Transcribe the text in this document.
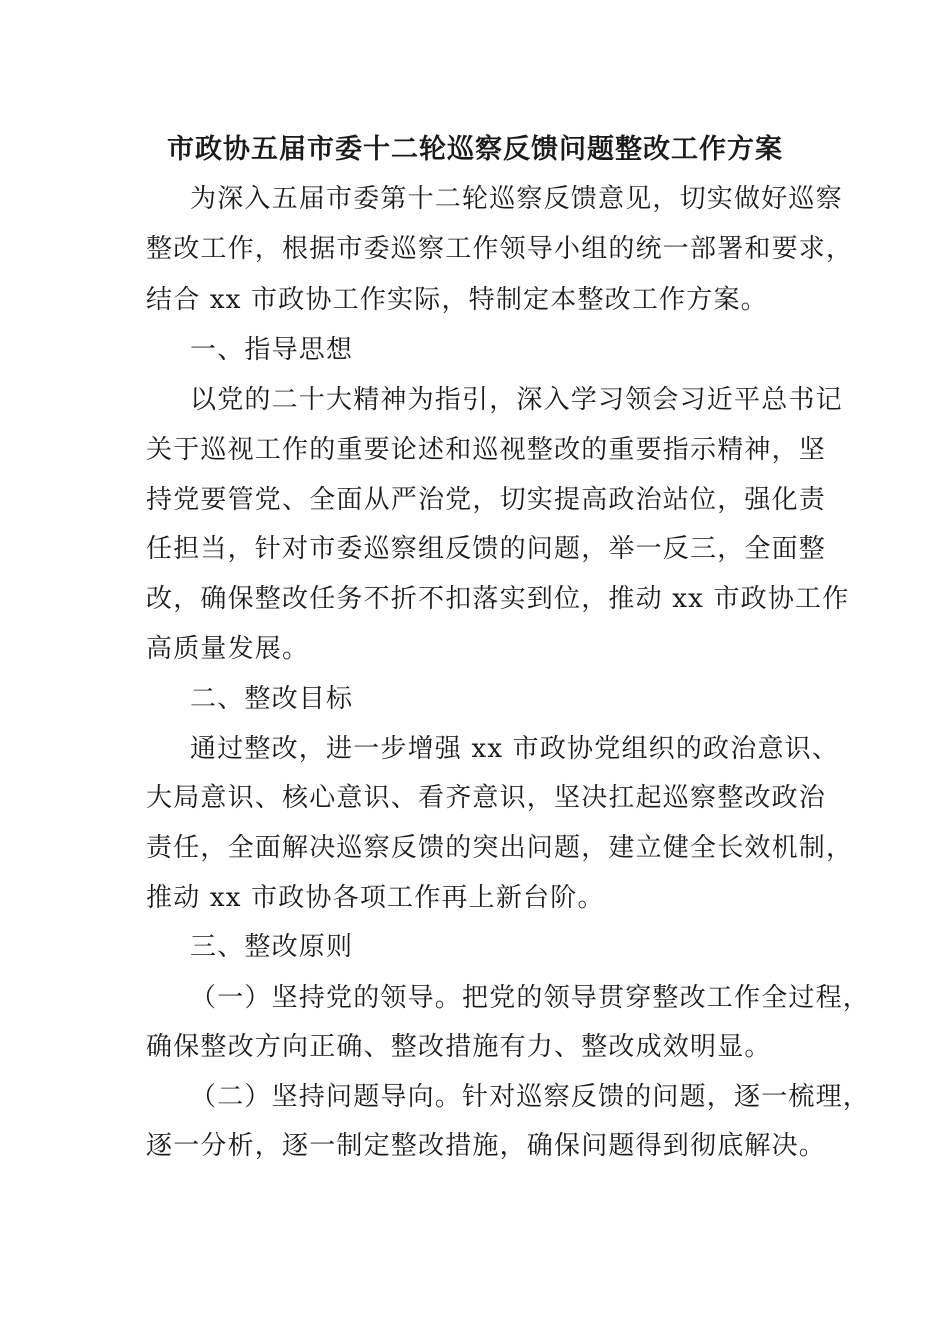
市政协五届市委十二轮巡察反馈问题整改工作方案
为深入五届市委第十二轮巡察反馈意见，切实做好巡察
整改工作，根据市委巡察工作领导小组的统一部署和要求，
结合 xx 市政协工作实际，特制定本整改工作方案。
一、指导思想
以党的二十大精神为指引，深入学习领会习近平总书记
关于巡视工作的重要论述和巡视整改的重要指示精神，坚
持党要管党、全面从严治党，切实提高政治站位，强化责
任担当，针对市委巡察组反馈的问题，举一反三，全面整
改，确保整改任务不折不扣落实到位，推动 xx 市政协工作
高质量发展。
二、整改目标
通过整改，进一步增强 xx 市政协党组织的政治意识、
大局意识、核心意识、看齐意识，坚决扛起巡察整改政治
责任，全面解决巡察反馈的突出问题，建立健全长效机制，
推动 xx 市政协各项工作再上新台阶。
三、整改原则
（一）坚持党的领导。把党的领导贯穿整改工作全过程，
确保整改方向正确、整改措施有力、整改成效明显。
（二）坚持问题导向。针对巡察反馈的问题，逐一梳理，
逐一分析，逐一制定整改措施，确保问题得到彻底解决。
